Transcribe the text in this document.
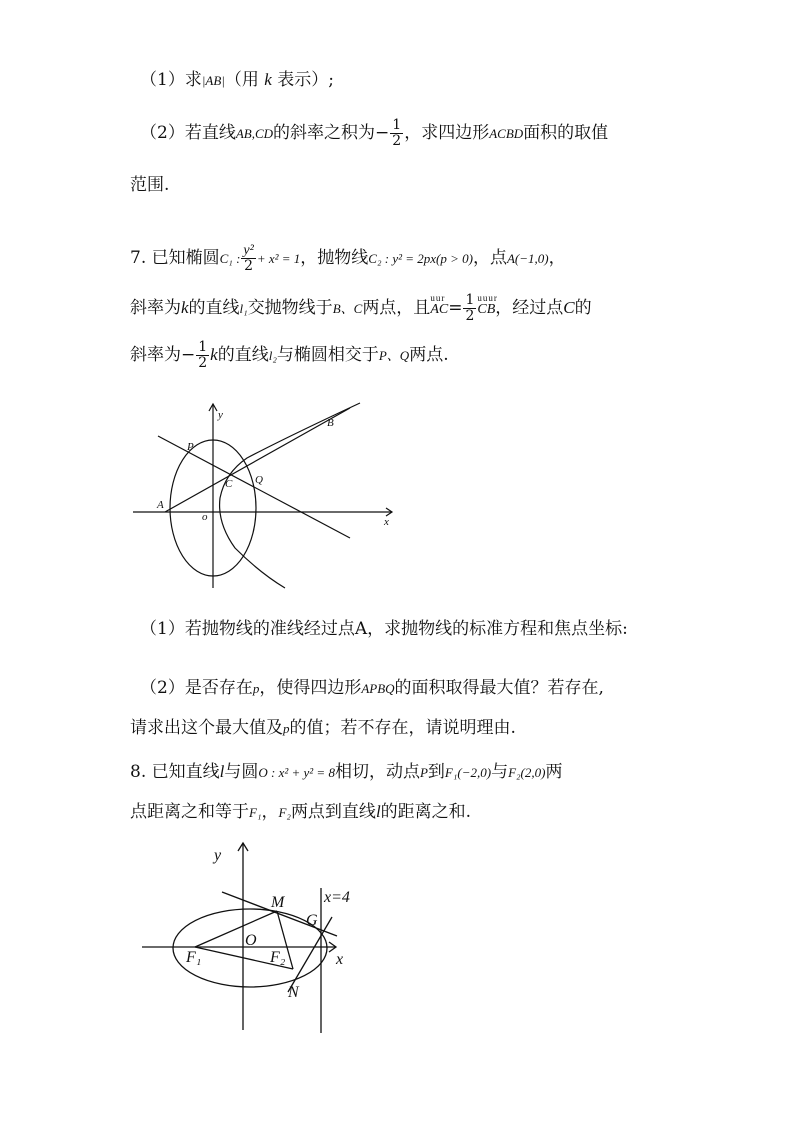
（1）求|AB|（用 k 表示）;
（2）若直线AB,CD的斜率之积为− $\frac{1}{2}$ ，求四边形ACBD面积的取值
范围.
7. 已知椭圆C₁ : $\frac{\text{y²}}{2} + x^2 = 1$，抛物线C₂ : y² = 2px(p > 0)，点A(−1,0)，
斜率为k的直线l₁交抛物线于B、C两点，且 uur
$AC= \frac{1}{2}$ uuur
CB，经过点C的
斜率为− $\frac{1}{2}$ k的直线l₂与椭圆相交于P、Q两点.
P
B
C Q
A
o	x
y
（1）若抛物线的准线经过点A，求抛物线的标准方程和焦点坐标:
（2）是否存在p，使得四边形APBQ的面积取得最大值？若存在,
请求出这个最大值及p的值；若不存在，请说明理由.
8. 已知直线l与圆O : x² + y² = 8相切，动点P到F₁(−2,0)与F₂(2,0)两
点距离之和等于F₁，F₂两点到直线l的距离之和.
y
x
M
O
G
F₁	F₂
N
x=4
